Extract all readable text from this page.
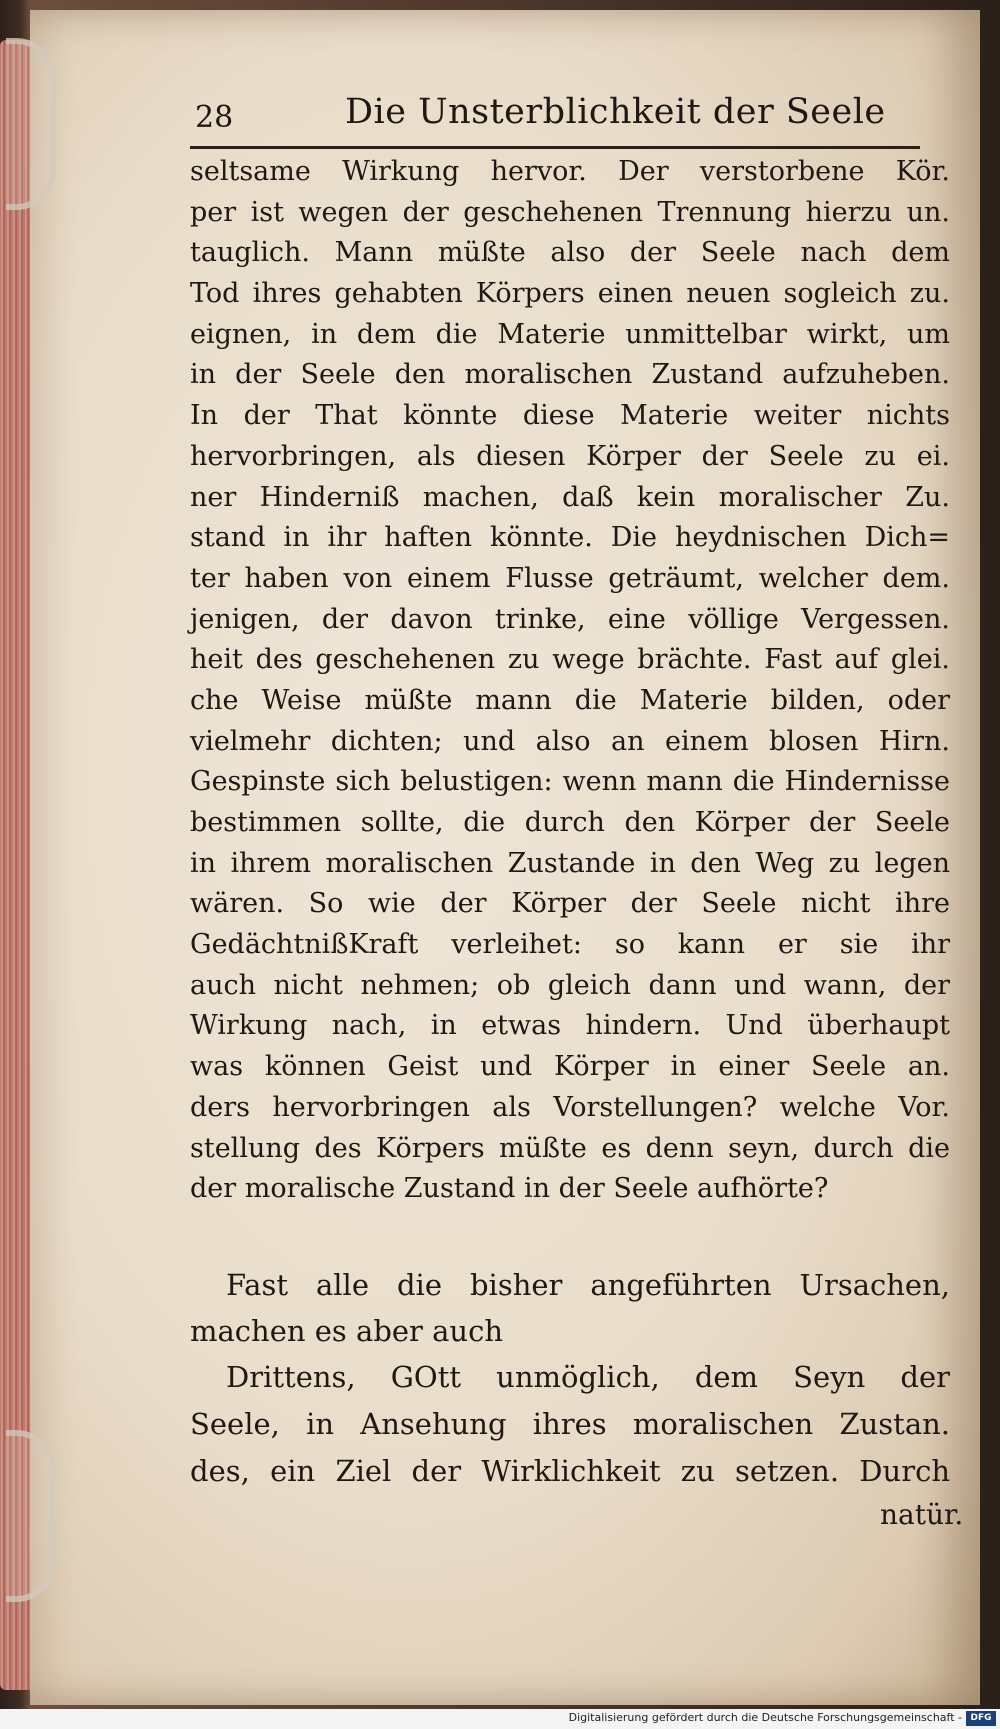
28	Die Unsterblichkeit der Seele
seltsame Wirkung hervor. Der verstorbene Kör.
per ist wegen der geschehenen Trennung hierzu un.
tauglich. Mann müßte also der Seele nach dem
Tod ihres gehabten Körpers einen neuen sogleich zu.
eignen, in dem die Materie unmittelbar wirkt, um
in der Seele den moralischen Zustand aufzuheben.
In der That könnte diese Materie weiter nichts
hervorbringen, als diesen Körper der Seele zu ei.
ner Hinderniß machen, daß kein moralischer Zu.
stand in ihr haften könnte. Die heydnischen Dich=
ter haben von einem Flusse geträumt, welcher dem.
jenigen, der davon trinke, eine völlige Vergessen.
heit des geschehenen zu wege brächte. Fast auf glei.
che Weise müßte mann die Materie bilden, oder
vielmehr dichten; und also an einem blosen Hirn.
Gespinste sich belustigen: wenn mann die Hindernisse
bestimmen sollte, die durch den Körper der Seele
in ihrem moralischen Zustande in den Weg zu legen
wären. So wie der Körper der Seele nicht ihre
GedächtnißKraft verleihet: so kann er sie ihr
auch nicht nehmen; ob gleich dann und wann, der
Wirkung nach, in etwas hindern. Und überhaupt
was können Geist und Körper in einer Seele an.
ders hervorbringen als Vorstellungen? welche Vor.
stellung des Körpers müßte es denn seyn, durch die
der moralische Zustand in der Seele aufhörte?
Fast alle die bisher angeführten Ursachen,
machen es aber auch
Drittens, GOtt unmöglich, dem Seyn der
Seele, in Ansehung ihres moralischen Zustan.
des, ein Ziel der Wirklichkeit zu setzen. Durch
natür.
Digitalisierung gefördert durch die Deutsche Forschungsgemeinschaft - DFG
